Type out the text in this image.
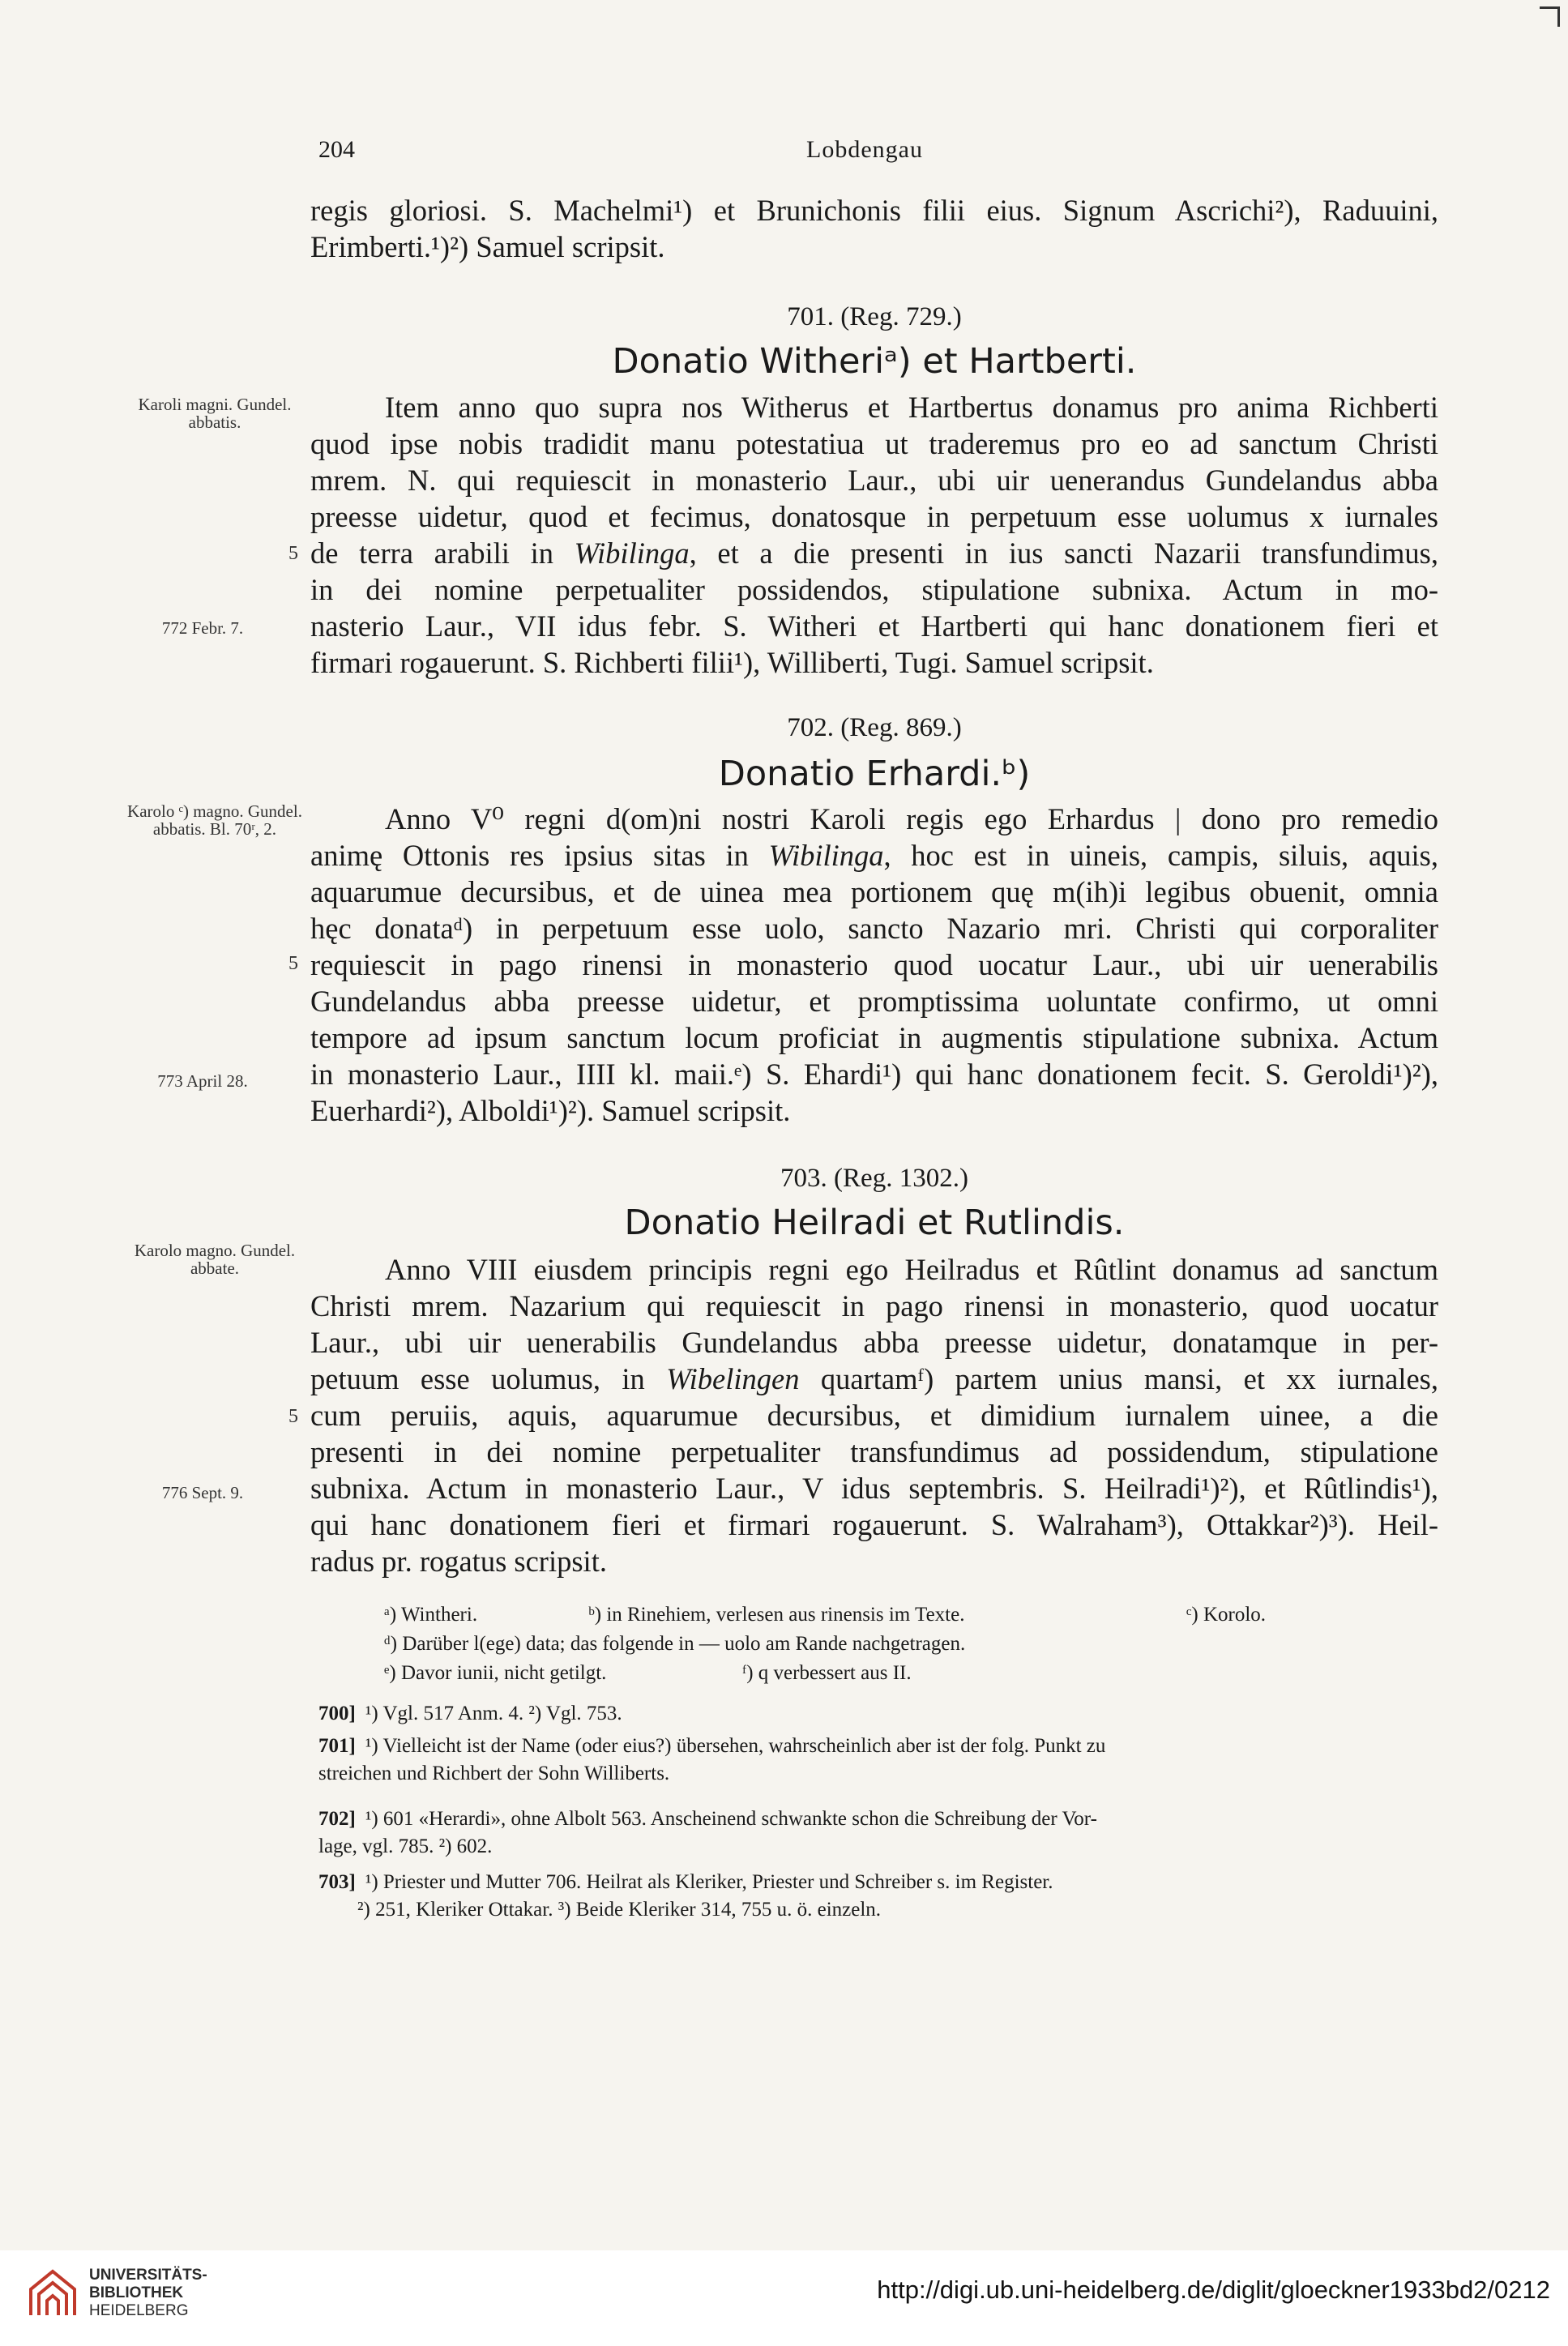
204	Lobdengau
regis gloriosi. S. Machelmi¹) et Brunichonis filii eius. Signum Ascrichi²), Raduuini,
Erimberti.¹)²) Samuel scripsit.
701. (Reg. 729.)
Donatio Witheriᵃ) et Hartberti.
Karoli magni. Gundel. abbatis.
5
772 Febr. 7.
Item anno quo supra nos Witherus et Hartbertus donamus pro anima Richberti
quod ipse nobis tradidit manu potestatiua ut traderemus pro eo ad sanctum Christi
mrem. N. qui requiescit in monasterio Laur., ubi uir uenerandus Gundelandus abba
preesse uidetur, quod et fecimus, donatosque in perpetuum esse uolumus x iurnales
de terra arabili in Wibilinga, et a die presenti in ius sancti Nazarii transfundimus,
in dei nomine perpetualiter possidendos, stipulatione subnixa. Actum in mo-
nasterio Laur., VII idus febr. S. Witheri et Hartberti qui hanc donationem fieri et
firmari rogauerunt. S. Richberti filii¹), Williberti, Tugi. Samuel scripsit.
702. (Reg. 869.)
Donatio Erhardi.ᵇ)
Karolo ᶜ) magno. Gundel. abbatis. Bl. 70ʳ, 2.
5
773 April 28.
Anno V⁰ regni d(om)ni nostri Karoli regis ego Erhardus | dono pro remedio
animę Ottonis res ipsius sitas in Wibilinga, hoc est in uineis, campis, siluis, aquis,
aquarumue decursibus, et de uinea mea portionem quę m(ih)i legibus obuenit, omnia
hęc donataᵈ) in perpetuum esse uolo, sancto Nazario mri. Christi qui corporaliter
requiescit in pago rinensi in monasterio quod uocatur Laur., ubi uir uenerabilis
Gundelandus abba preesse uidetur, et promptissima uoluntate confirmo, ut omni
tempore ad ipsum sanctum locum proficiat in augmentis stipulatione subnixa. Actum
in monasterio Laur., IIII kl. maii.ᵉ) S. Ehardi¹) qui hanc donationem fecit. S. Geroldi¹)²),
Euerhardi²), Alboldi¹)²). Samuel scripsit.
703. (Reg. 1302.)
Donatio Heilradi et Rutlindis.
Karolo magno. Gundel. abbate.
5
776 Sept. 9.
Anno VIII eiusdem principis regni ego Heilradus et Rûtlint donamus ad sanctum
Christi mrem. Nazarium qui requiescit in pago rinensi in monasterio, quod uocatur
Laur., ubi uir uenerabilis Gundelandus abba preesse uidetur, donatamque in per-
petuum esse uolumus, in Wibelingen quartamᶠ) partem unius mansi, et xx iurnales,
cum peruiis, aquis, aquarumue decursibus, et dimidium iurnalem uinee, a die
presenti in dei nomine perpetualiter transfundimus ad possidendum, stipulatione
subnixa. Actum in monasterio Laur., V idus septembris. S. Heilradi¹)²), et Rûtlindis¹),
qui hanc donationem fieri et firmari rogauerunt. S. Walraham³), Ottakkar²)³). Heil-
radus pr. rogatus scripsit.
ᵃ) Wintheri.	ᵇ) in Rinehiem, verlesen aus rinensis im Texte.	ᶜ) Korolo.
ᵈ) Darüber l(ege) data; das folgende in — uolo am Rande nachgetragen.
ᵉ) Davor iunii, nicht getilgt.	ᶠ) q verbessert aus II.
700] ¹) Vgl. 517 Anm. 4. ²) Vgl. 753.
701] ¹) Vielleicht ist der Name (oder eius?) übersehen, wahrscheinlich aber ist der folg. Punkt zu
streichen und Richbert der Sohn Williberts.
702] ¹) 601 «Herardi», ohne Albolt 563. Anscheinend schwankte schon die Schreibung der Vor-
lage, vgl. 785. ²) 602.
703] ¹) Priester und Mutter 706. Heilrat als Kleriker, Priester und Schreiber s. im Register.
²) 251, Kleriker Ottakar. ³) Beide Kleriker 314, 755 u. ö. einzeln.
UNIVERSITÄTS-
BIBLIOTHEK
HEIDELBERG
http://digi.ub.uni-heidelberg.de/diglit/gloeckner1933bd2/0212
